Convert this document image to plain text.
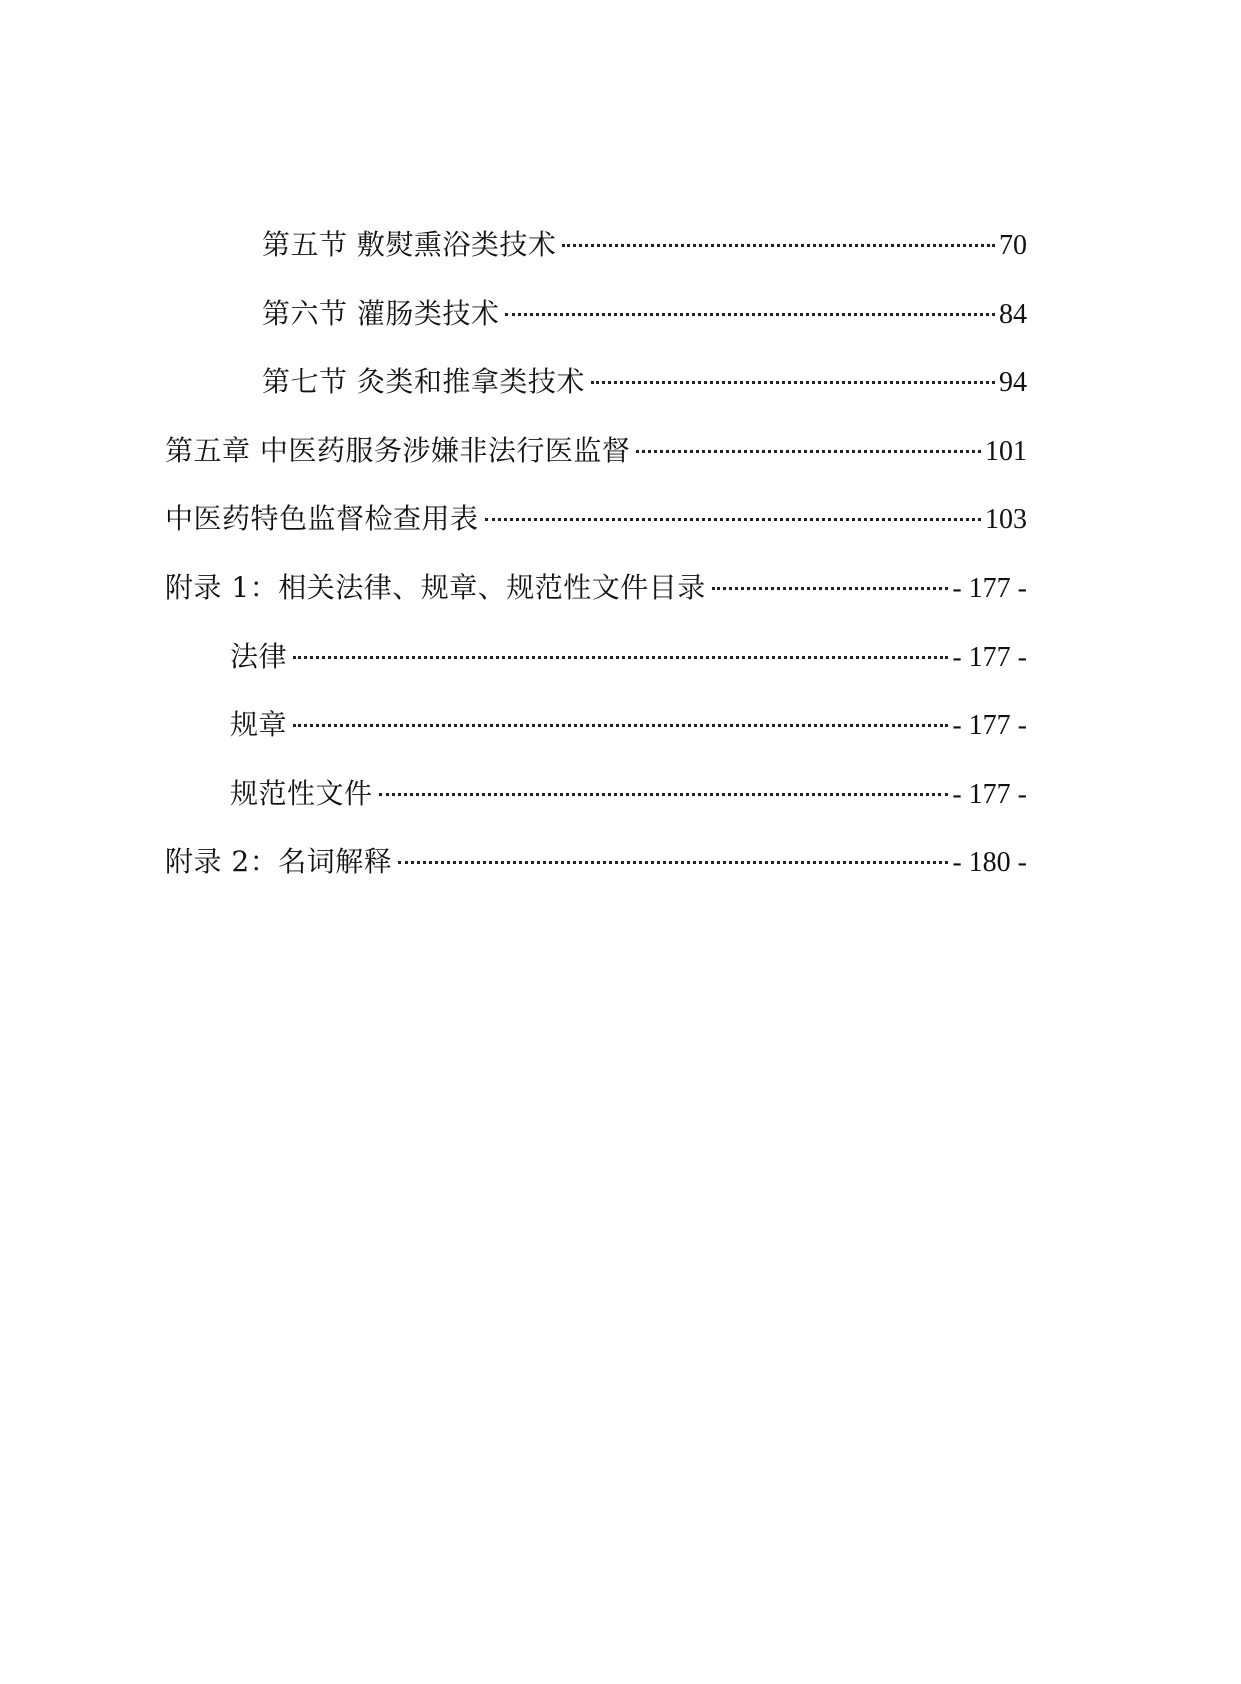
第五节 敷熨熏浴类技术	70
第六节 灌肠类技术	84
第七节 灸类和推拿类技术	94
第五章 中医药服务涉嫌非法行医监督	101
中医药特色监督检查用表	103
附录 1：相关法律、规章、规范性文件目录	- 177 -
法律	- 177 -
规章	- 177 -
规范性文件	- 177 -
附录 2：名词解释	- 180 -
